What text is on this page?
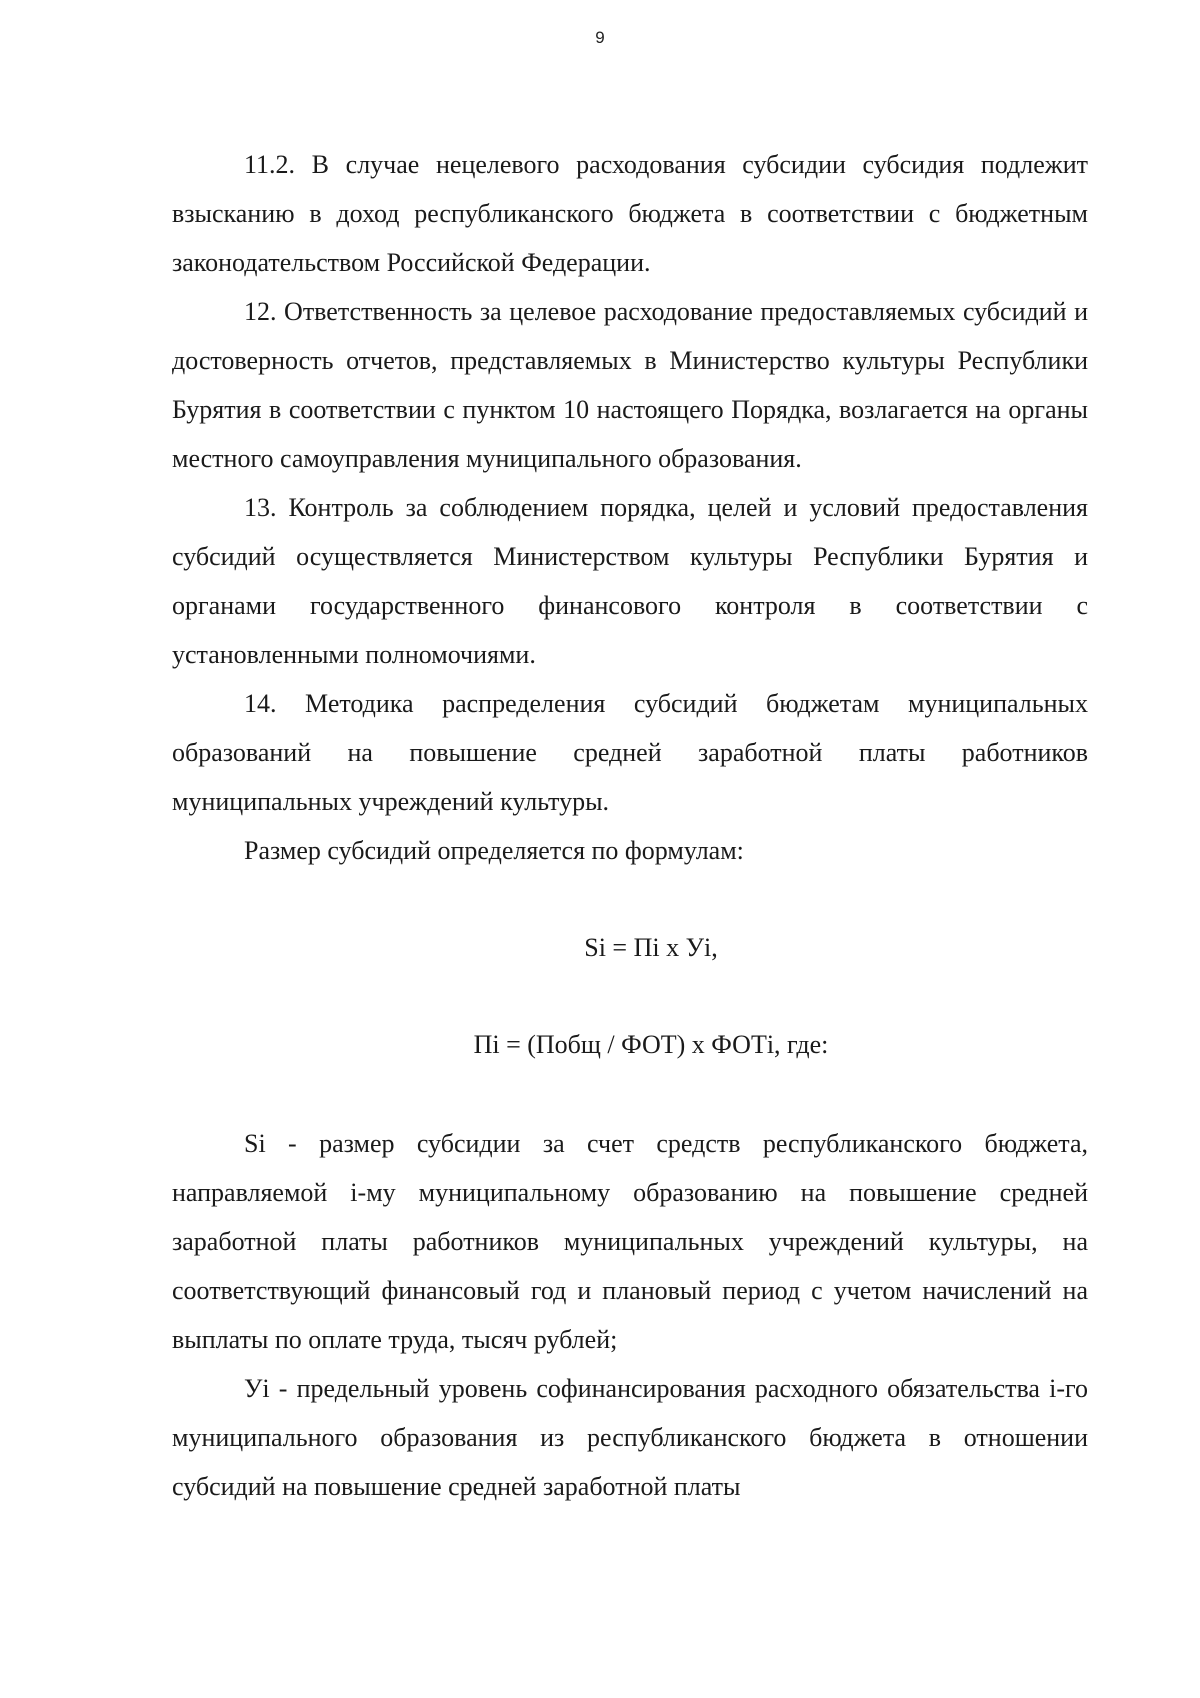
9

11.2. В случае нецелевого расходования субсидии субсидия подлежит взысканию в доход республиканского бюджета в соответствии с бюджетным законодательством Российской Федерации.

12. Ответственность за целевое расходование предоставляемых субсидий и достоверность отчетов, представляемых в Министерство культуры Республики Бурятия в соответствии с пунктом 10 настоящего Порядка, возлагается на органы местного самоуправления муниципального образования.

13. Контроль за соблюдением порядка, целей и условий предоставления субсидий осуществляется Министерством культуры Республики Бурятия и органами государственного финансового контроля в соответствии с установленными полномочиями.

14. Методика распределения субсидий бюджетам муниципальных образований на повышение средней заработной платы работников муниципальных учреждений культуры.

Размер субсидий определяется по формулам:

Si = Пi x Уi,

Пi = (Побщ / ФОТ) х ФОТi, где:

Si - размер субсидии за счет средств республиканского бюджета, направляемой i-му муниципальному образованию на повышение средней заработной платы работников муниципальных учреждений культуры, на соответствующий финансовый год и плановый период с учетом начислений на выплаты по оплате труда, тысяч рублей;

Уi - предельный уровень софинансирования расходного обязательства i-го муниципального образования из республиканского бюджета в отношении субсидий на повышение средней заработной платы
